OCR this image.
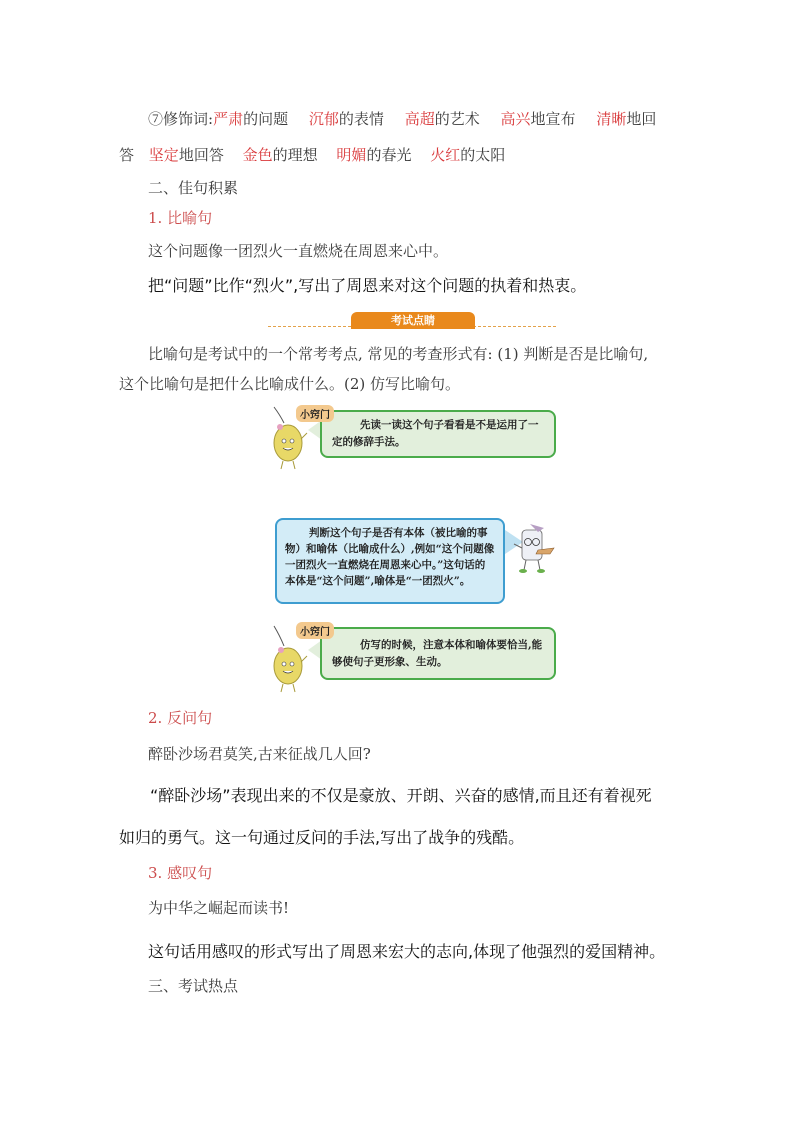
⑦修饰词:严肃的问题 沉郁的表情 高超的艺术 高兴地宣布 清晰地回
答 坚定地回答 金色的理想 明媚的春光 火红的太阳
二、佳句积累
1. 比喻句
这个问题像一团烈火一直燃烧在周恩来心中。
把“问题”比作“烈火”,写出了周恩来对这个问题的执着和热衷。
考试点睛
比喻句是考试中的一个常考考点, 常见的考查形式有: (1) 判断是否是比喻句,
这个比喻句是把什么比喻成什么。(2) 仿写比喻句。
先读一读这个句子看看是不是运用了一定的修辞手法。
小窍门
判断这个句子是否有本体（被比喻的事物）和喻体（比喻成什么）,例如“这个问题像一团烈火一直燃烧在周恩来心中。”这句话的本体是“这个问题”,喻体是“一团烈火”。
仿写的时候，注意本体和喻体要恰当,能够使句子更形象、生动。
小窍门
2. 反问句
醉卧沙场君莫笑,古来征战几人回?
“醉卧沙场”表现出来的不仅是豪放、开朗、兴奋的感情,而且还有着视死
如归的勇气。这一句通过反问的手法,写出了战争的残酷。
3. 感叹句
为中华之崛起而读书!
这句话用感叹的形式写出了周恩来宏大的志向,体现了他强烈的爱国精神。
三、考试热点
